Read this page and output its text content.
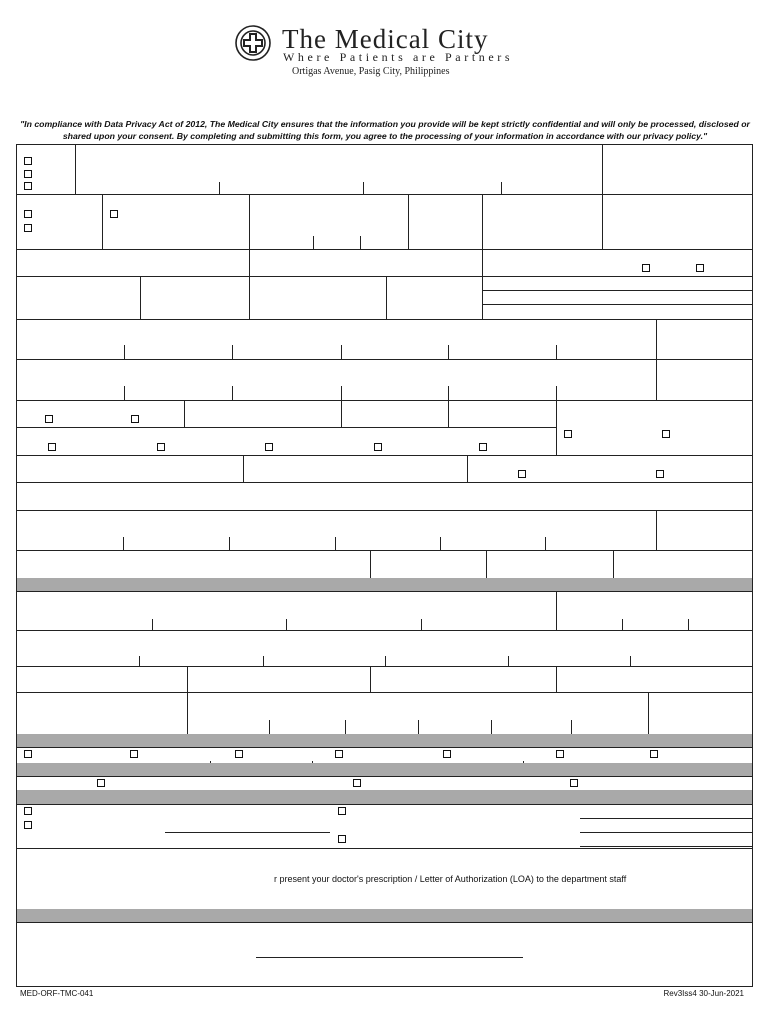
The Medical City
Where Patients are Partners
Ortigas Avenue, Pasig City, Philippines
"In compliance with Data Privacy Act of 2012, The Medical City ensures that the information you provide will be kept strictly confidential and will only be processed, disclosed or shared upon your consent. By completing and submitting this form, you agree to the processing of your information in accordance with our privacy policy."
r present your doctor's prescription / Letter of Authorization (LOA) to the department staff
MED-ORF-TMC-041	Rev3Iss4 30-Jun-2021
